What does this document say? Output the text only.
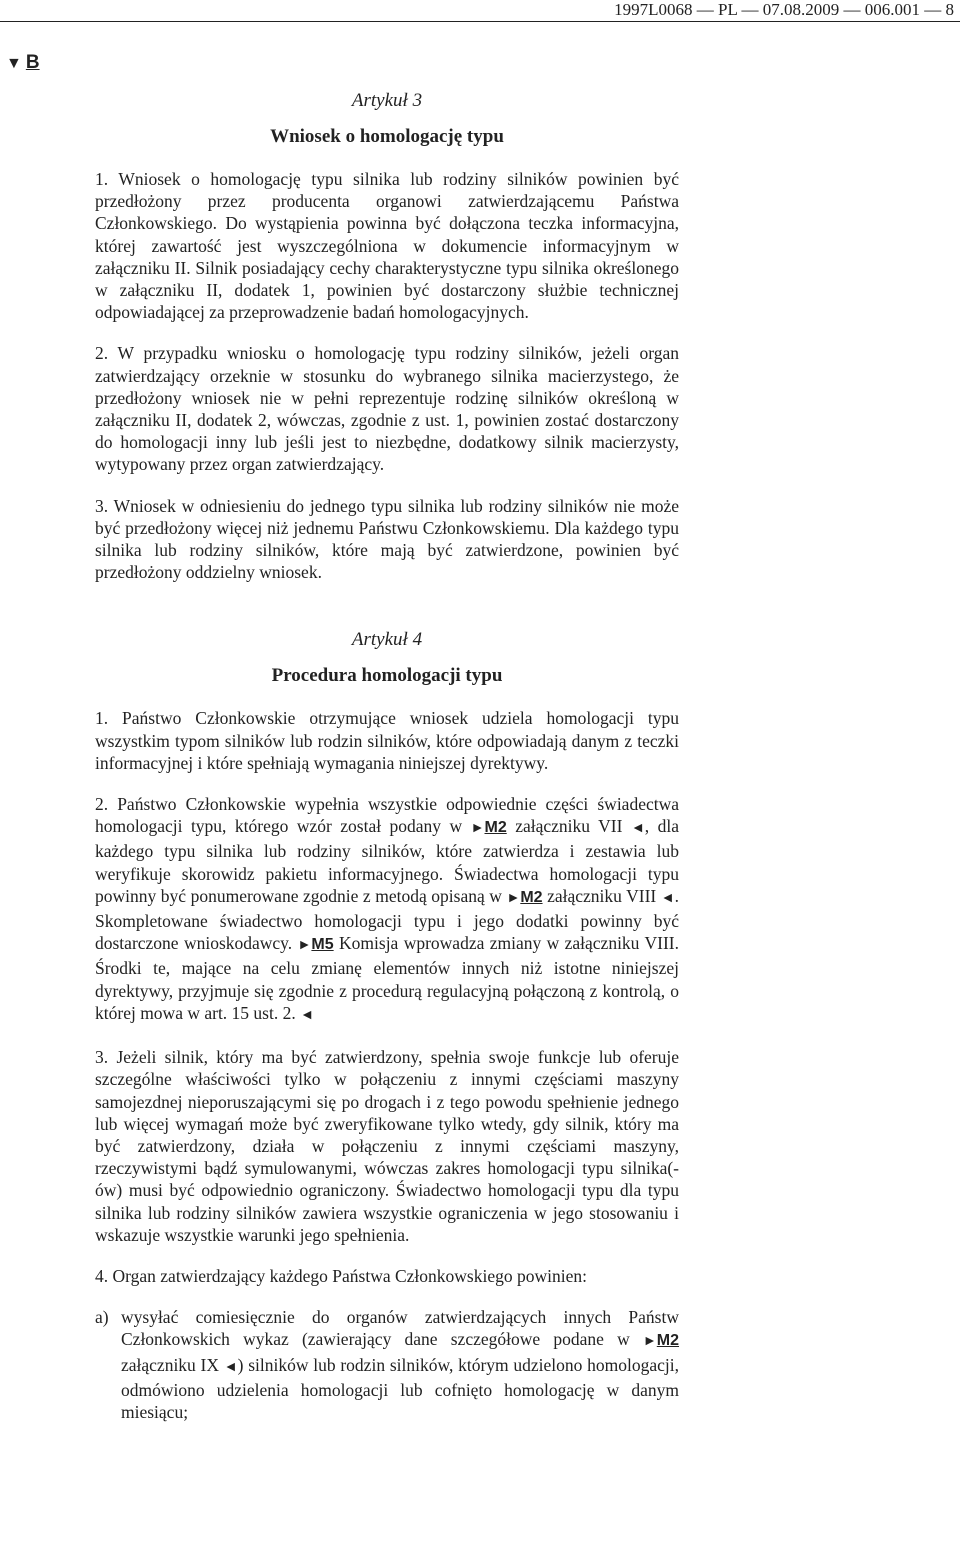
1997L0068 — PL — 07.08.2009 — 006.001 — 8
▼ B
Artykuł 3
Wniosek o homologację typu

1. Wniosek o homologację typu silnika lub rodziny silników powinien być przedłożony przez producenta organowi zatwierdzającemu Państwa Członkowskiego. Do wystąpienia powinna być dołączona teczka informacyjna, której zawartość jest wyszczególniona w dokumencie informacyjnym w załączniku II. Silnik posiadający cechy charakterystyczne typu silnika określonego w załączniku II, dodatek 1, powinien być dostarczony służbie technicznej odpowiadającej za przeprowadzenie badań homologacyjnych.

2. W przypadku wniosku o homologację typu rodziny silników, jeżeli organ zatwierdzający orzeknie w stosunku do wybranego silnika macierzystego, że przedłożony wniosek nie w pełni reprezentuje rodzinę silników określoną w załączniku II, dodatek 2, wówczas, zgodnie z ust. 1, powinien zostać dostarczony do homologacji inny lub jeśli jest to niezbędne, dodatkowy silnik macierzysty, wytypowany przez organ zatwierdzający.

3. Wniosek w odniesieniu do jednego typu silnika lub rodziny silników nie może być przedłożony więcej niż jednemu Państwu Członkowskiemu. Dla każdego typu silnika lub rodziny silników, które mają być zatwierdzone, powinien być przedłożony oddzielny wniosek.

Artykuł 4
Procedura homologacji typu

1. Państwo Członkowskie otrzymujące wniosek udziela homologacji typu wszystkim typom silników lub rodzin silników, które odpowiadają danym z teczki informacyjnej i które spełniają wymagania niniejszej dyrektywy.

2. Państwo Członkowskie wypełnia wszystkie odpowiednie części świadectwa homologacji typu, którego wzór został podany w ►M2 załączniku VII ◄, dla każdego typu silnika lub rodziny silników, które zatwierdza i zestawia lub weryfikuje skorowidz pakietu informacyjnego. Świadectwa homologacji typu powinny być ponumerowane zgodnie z metodą opisaną w ►M2 załączniku VIII ◄. Skompletowane świadectwo homologacji typu i jego dodatki powinny być dostarczone wnioskodawcy. ►M5 Komisja wprowadza zmiany w załączniku VIII. Środki te, mające na celu zmianę elementów innych niż istotne niniejszej dyrektywy, przyjmuje się zgodnie z procedurą regulacyjną połączoną z kontrolą, o której mowa w art. 15 ust. 2. ◄

3. Jeżeli silnik, który ma być zatwierdzony, spełnia swoje funkcje lub oferuje szczególne właściwości tylko w połączeniu z innymi częściami maszyny samojezdnej nieporuszającymi się po drogach i z tego powodu spełnienie jednego lub więcej wymagań może być zweryfikowane tylko wtedy, gdy silnik, który ma być zatwierdzony, działa w połączeniu z innymi częściami maszyny, rzeczywistymi bądź symulowanymi, wówczas zakres homologacji typu silnika(-ów) musi być odpowiednio ograniczony. Świadectwo homologacji typu dla typu silnika lub rodziny silników zawiera wszystkie ograniczenia w jego stosowaniu i wskazuje wszystkie warunki jego spełnienia.

4. Organ zatwierdzający każdego Państwa Członkowskiego powinien:

a) wysyłać comiesięcznie do organów zatwierdzających innych Państw Członkowskich wykaz (zawierający dane szczegółowe podane w ►M2 załączniku IX ◄) silników lub rodzin silników, którym udzielono homologacji, odmówiono udzielenia homologacji lub cofnięto homologację w danym miesiącu;
